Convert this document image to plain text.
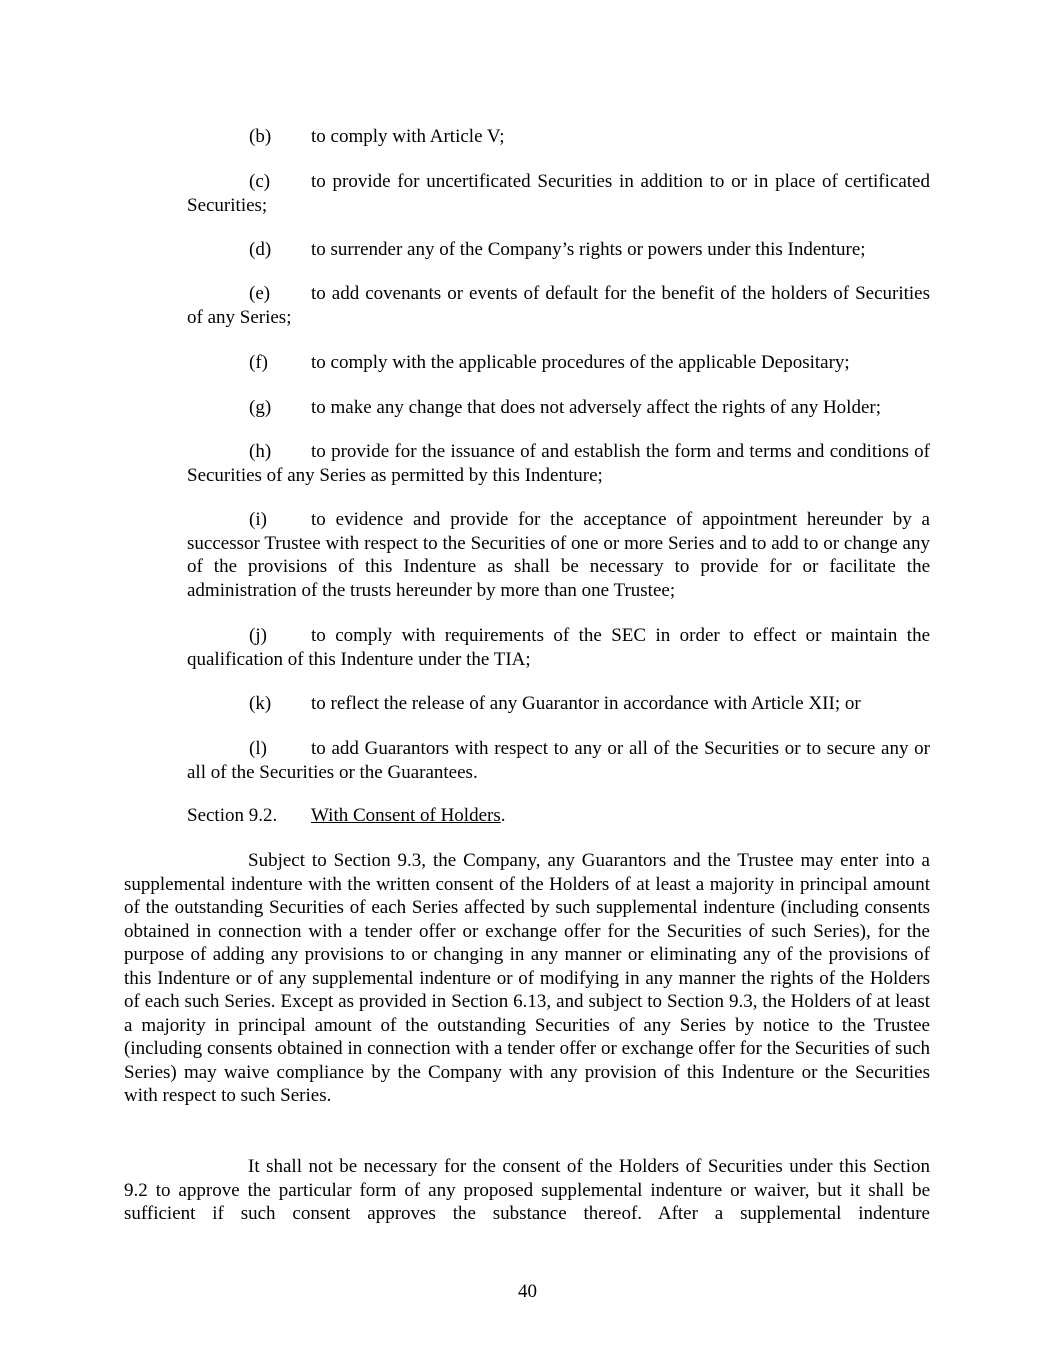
(b) to comply with Article V;

(c) to provide for uncertificated Securities in addition to or in place of certificated Securities;

(d) to surrender any of the Company’s rights or powers under this Indenture;

(e) to add covenants or events of default for the benefit of the holders of Securities of any Series;

(f) to comply with the applicable procedures of the applicable Depositary;

(g) to make any change that does not adversely affect the rights of any Holder;

(h) to provide for the issuance of and establish the form and terms and conditions of Securities of any Series as permitted by this Indenture;

(i) to evidence and provide for the acceptance of appointment hereunder by a successor Trustee with respect to the Securities of one or more Series and to add to or change any of the provisions of this Indenture as shall be necessary to provide for or facilitate the administration of the trusts hereunder by more than one Trustee;

(j) to comply with requirements of the SEC in order to effect or maintain the qualification of this Indenture under the TIA;

(k) to reflect the release of any Guarantor in accordance with Article XII; or

(l) to add Guarantors with respect to any or all of the Securities or to secure any or all of the Securities or the Guarantees.

Section 9.2. With Consent of Holders.

Subject to Section 9.3, the Company, any Guarantors and the Trustee may enter into a supplemental indenture with the written consent of the Holders of at least a majority in principal amount of the outstanding Securities of each Series affected by such supplemental indenture (including consents obtained in connection with a tender offer or exchange offer for the Securities of such Series), for the purpose of adding any provisions to or changing in any manner or eliminating any of the provisions of this Indenture or of any supplemental indenture or of modifying in any manner the rights of the Holders of each such Series. Except as provided in Section 6.13, and subject to Section 9.3, the Holders of at least a majority in principal amount of the outstanding Securities of any Series by notice to the Trustee (including consents obtained in connection with a tender offer or exchange offer for the Securities of such Series) may waive compliance by the Company with any provision of this Indenture or the Securities with respect to such Series.

It shall not be necessary for the consent of the Holders of Securities under this Section 9.2 to approve the particular form of any proposed supplemental indenture or waiver, but it shall be sufficient if such consent approves the substance thereof. After a supplemental indenture

40
